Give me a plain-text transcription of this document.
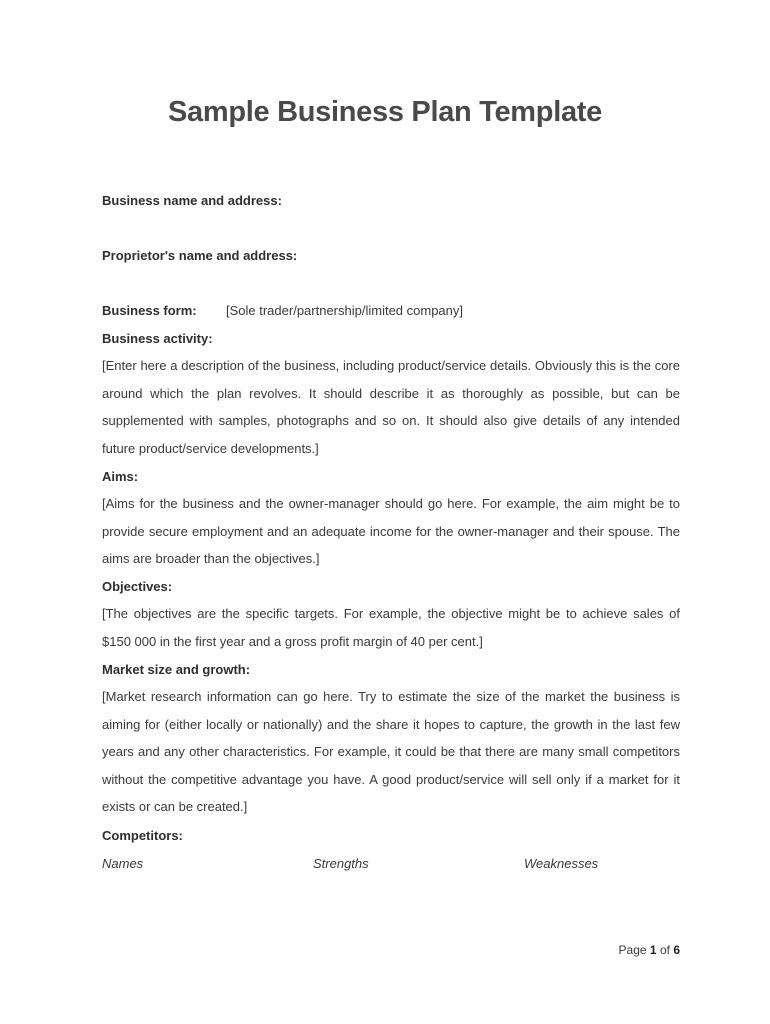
Sample Business Plan Template
Business name and address:
Proprietor's name and address:
Business form: [Sole trader/partnership/limited company]
Business activity:
[Enter here a description of the business, including product/service details. Obviously this is the core around which the plan revolves. It should describe it as thoroughly as possible, but can be supplemented with samples, photographs and so on. It should also give details of any intended future product/service developments.]
Aims:
[Aims for the business and the owner-manager should go here. For example, the aim might be to provide secure employment and an adequate income for the owner-manager and their spouse. The aims are broader than the objectives.]
Objectives:
[The objectives are the specific targets. For example, the objective might be to achieve sales of $150 000 in the first year and a gross profit margin of 40 per cent.]
Market size and growth:
[Market research information can go here. Try to estimate the size of the market the business is aiming for (either locally or nationally) and the share it hopes to capture, the growth in the last few years and any other characteristics. For example, it could be that there are many small competitors without the competitive advantage you have. A good product/service will sell only if a market for it exists or can be created.]
Competitors:
Names	Strengths	Weaknesses
Page 1 of 6
